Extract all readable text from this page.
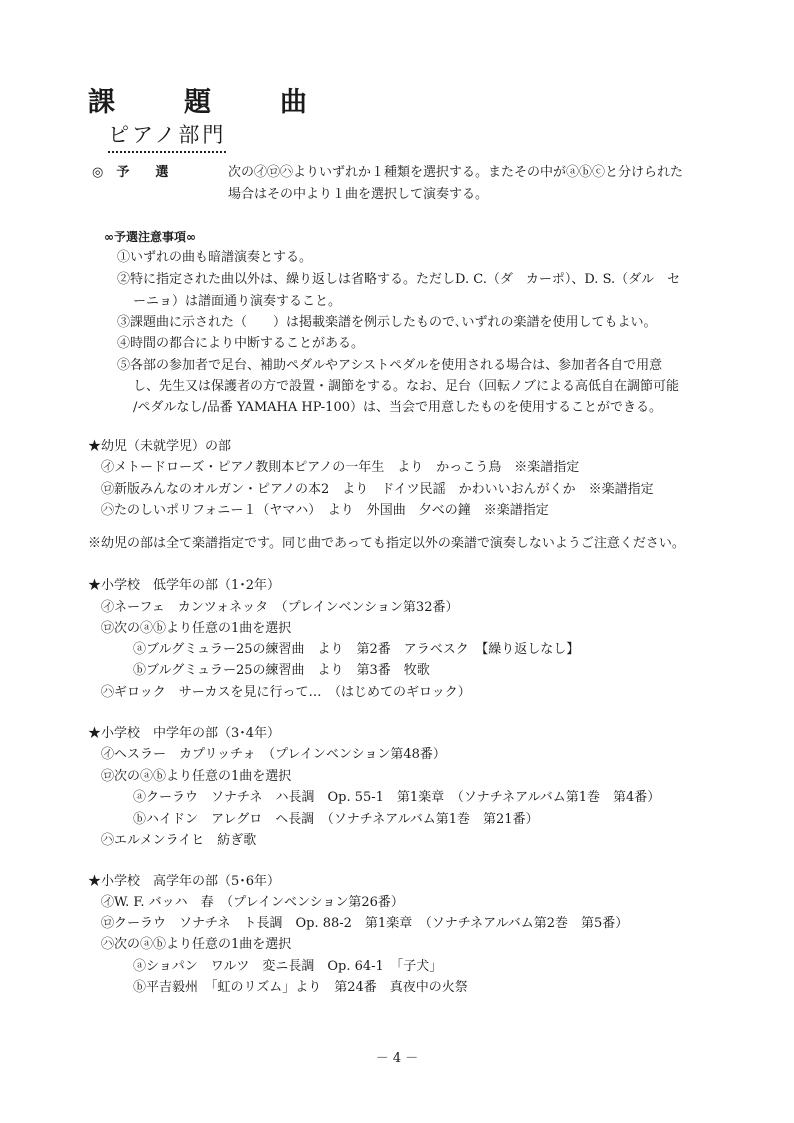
課　題　曲
ピアノ部門
◎　予　　選	次の㋑㋺㋩よりいずれか１種類を選択する。またその中がⓐⓑⓒと分けられた
場合はその中より１曲を選択して演奏する。
∞予選注意事項∞
①いずれの曲も暗譜演奏とする。
②特に指定された曲以外は、繰り返しは省略する。ただしD. C.（ダ　カーポ）、D. S.（ダル　セ
ーニョ）は譜面通り演奏すること。
③課題曲に示された（　　）は掲載楽譜を例示したもので､いずれの楽譜を使用してもよい。
④時間の都合により中断することがある。
⑤各部の参加者で足台、補助ペダルやアシストペダルを使用される場合は、参加者各自で用意
し、先生又は保護者の方で設置・調節をする。なお、足台（回転ノブによる高低自在調節可能
/ペダルなし/品番 YAMAHA HP-100）は、当会で用意したものを使用することができる。
★幼児（未就学児）の部
㋑メトードローズ・ピアノ教則本ピアノの一年生　より　かっこう鳥　※楽譜指定
㋺新版みんなのオルガン・ピアノの本2　より　ドイツ民謡　かわいいおんがくか　※楽譜指定
㋩たのしいポリフォニー１（ヤマハ）　より　外国曲　夕べの鐘　※楽譜指定
※幼児の部は全て楽譜指定です。同じ曲であっても指定以外の楽譜で演奏しないようご注意ください。
★小学校　低学年の部（1･2年）
㋑ネーフェ　カンツォネッタ　（プレインベンション第32番）
㋺次のⓐⓑより任意の1曲を選択
ⓐブルグミュラー25の練習曲　より　第2番　アラベスク　【繰り返しなし】
ⓑブルグミュラー25の練習曲　より　第3番　牧歌
㋩ギロック　サーカスを見に行って…　（はじめてのギロック）
★小学校　中学年の部（3･4年）
㋑ヘスラー　カプリッチォ　（プレインベンション第48番）
㋺次のⓐⓑより任意の1曲を選択
ⓐクーラウ　ソナチネ　ハ長調　Op. 55-1　第1楽章　（ソナチネアルバム第1巻　第4番）
ⓑハイドン　アレグロ　ヘ長調　（ソナチネアルバム第1巻　第21番）
㋩エルメンライヒ　紡ぎ歌
★小学校　高学年の部（5･6年）
㋑W. F. バッハ　春　（プレインベンション第26番）
㋺クーラウ　ソナチネ　ト長調　Op. 88-2　第1楽章　（ソナチネアルバム第2巻　第5番）
㋩次のⓐⓑより任意の1曲を選択
ⓐショパン　ワルツ　変ニ長調　Op. 64-1　「子犬」
ⓑ平吉毅州　「虹のリズム」より　第24番　真夜中の火祭
－ 4 －
